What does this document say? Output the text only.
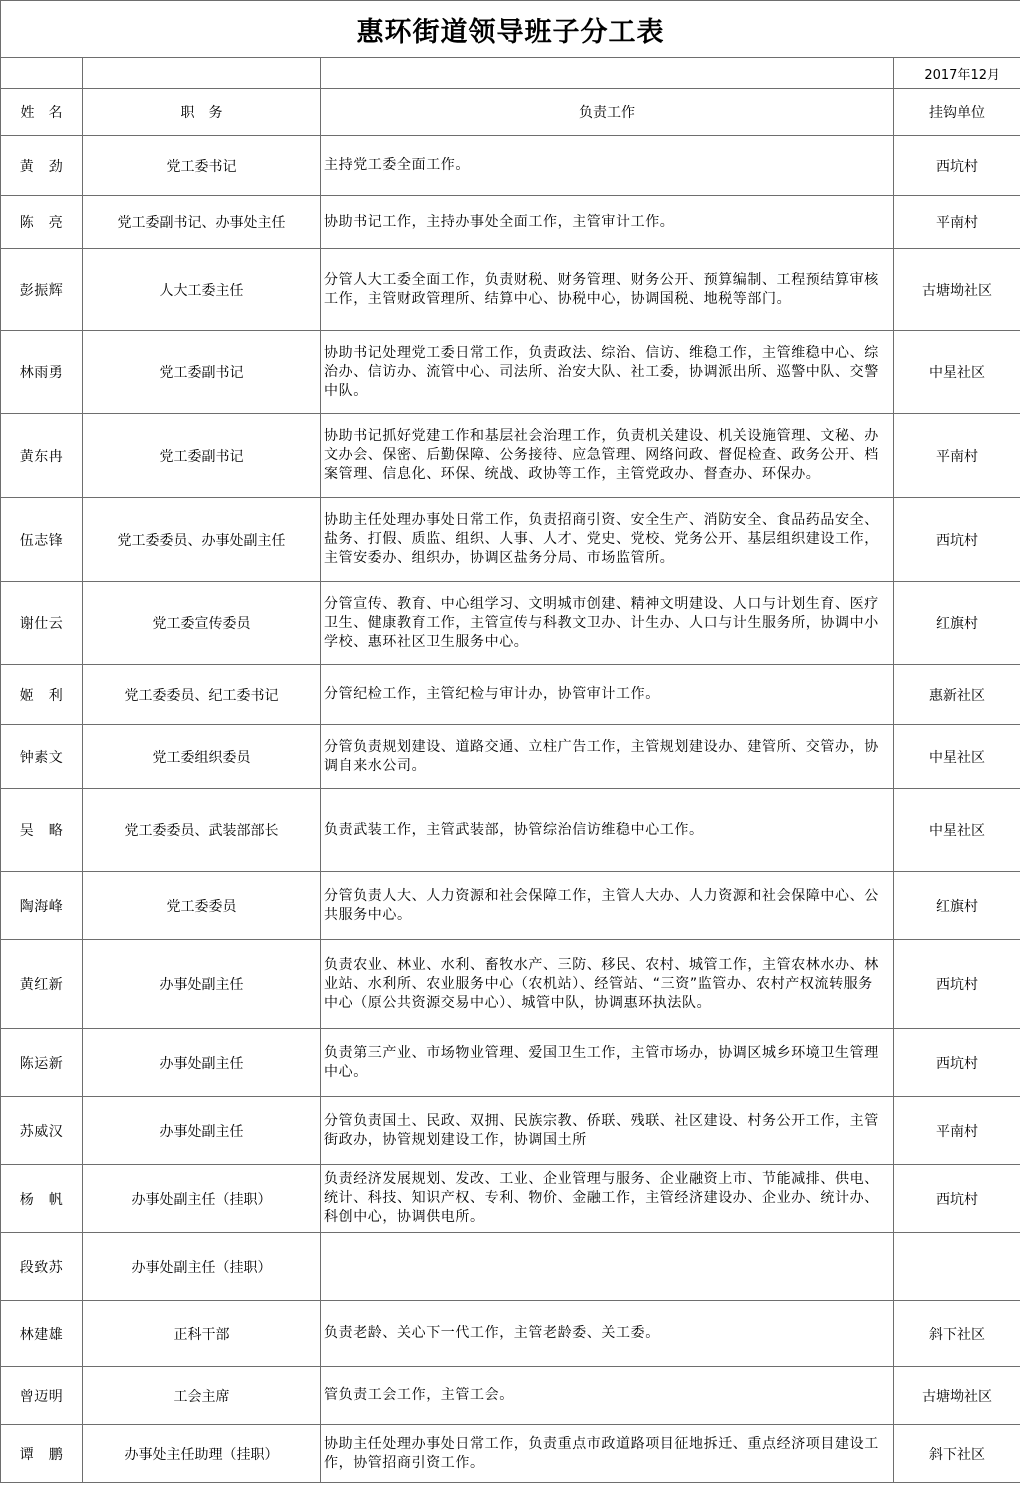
惠环街道领导班子分工表			
			2017年12月
姓　名	职　务	负责工作	挂钩单位
黄　劲	党工委书记	主持党工委全面工作。	西坑村
陈　亮	党工委副书记、办事处主任	协助书记工作，主持办事处全面工作，主管审计工作。	平南村
彭振辉	人大工委主任	分管人大工委全面工作，负责财税、财务管理、财务公开、预算编制、工程预结算审核工作，主管财政管理所、结算中心、协税中心，协调国税、地税等部门。	古塘坳社区
林雨勇	党工委副书记	协助书记处理党工委日常工作，负责政法、综治、信访、维稳工作，主管维稳中心、综治办、信访办、流管中心、司法所、治安大队、社工委，协调派出所、巡警中队、交警中队。	中星社区
黄东冉	党工委副书记	协助书记抓好党建工作和基层社会治理工作，负责机关建设、机关设施管理、文秘、办文办会、保密、后勤保障、公务接待、应急管理、网络问政、督促检查、政务公开、档案管理、信息化、环保、统战、政协等工作，主管党政办、督查办、环保办。	平南村
伍志锋	党工委委员、办事处副主任	协助主任处理办事处日常工作，负责招商引资、安全生产、消防安全、食品药品安全、盐务、打假、质监、组织、人事、人才、党史、党校、党务公开、基层组织建设工作，主管安委办、组织办，协调区盐务分局、市场监管所。	西坑村
谢仕云	党工委宣传委员	分管宣传、教育、中心组学习、文明城市创建、精神文明建设、人口与计划生育、医疗卫生、健康教育工作，主管宣传与科教文卫办、计生办、人口与计生服务所，协调中小学校、惠环社区卫生服务中心。	红旗村
姬　利	党工委委员、纪工委书记	分管纪检工作，主管纪检与审计办，协管审计工作。	惠新社区
钟素文	党工委组织委员	分管负责规划建设、道路交通、立柱广告工作，主管规划建设办、建管所、交管办，协调自来水公司。	中星社区
吴　略	党工委委员、武装部部长	负责武装工作，主管武装部，协管综治信访维稳中心工作。	中星社区
陶海峰	党工委委员	分管负责人大、人力资源和社会保障工作，主管人大办、人力资源和社会保障中心、公共服务中心。	红旗村
黄红新	办事处副主任	负责农业、林业、水利、畜牧水产、三防、移民、农村、城管工作，主管农林水办、林业站、水利所、农业服务中心（农机站）、经管站、“三资”监管办、农村产权流转服务中心（原公共资源交易中心）、城管中队，协调惠环执法队。	西坑村
陈运新	办事处副主任	负责第三产业、市场物业管理、爱国卫生工作，主管市场办，协调区城乡环境卫生管理中心。	西坑村
苏威汉	办事处副主任	分管负责国土、民政、双拥、民族宗教、侨联、残联、社区建设、村务公开工作，主管街政办，协管规划建设工作，协调国土所	平南村
杨　帆	办事处副主任（挂职）	负责经济发展规划、发改、工业、企业管理与服务、企业融资上市、节能减排、供电、统计、科技、知识产权、专利、物价、金融工作，主管经济建设办、企业办、统计办、科创中心，协调供电所。	西坑村
段致苏	办事处副主任（挂职）		
林建雄	正科干部	负责老龄、关心下一代工作，主管老龄委、关工委。	斜下社区
曾迈明	工会主席	管负责工会工作，主管工会。	古塘坳社区
谭　鹏	办事处主任助理（挂职）	协助主任处理办事处日常工作，负责重点市政道路项目征地拆迁、重点经济项目建设工作，协管招商引资工作。	斜下社区
